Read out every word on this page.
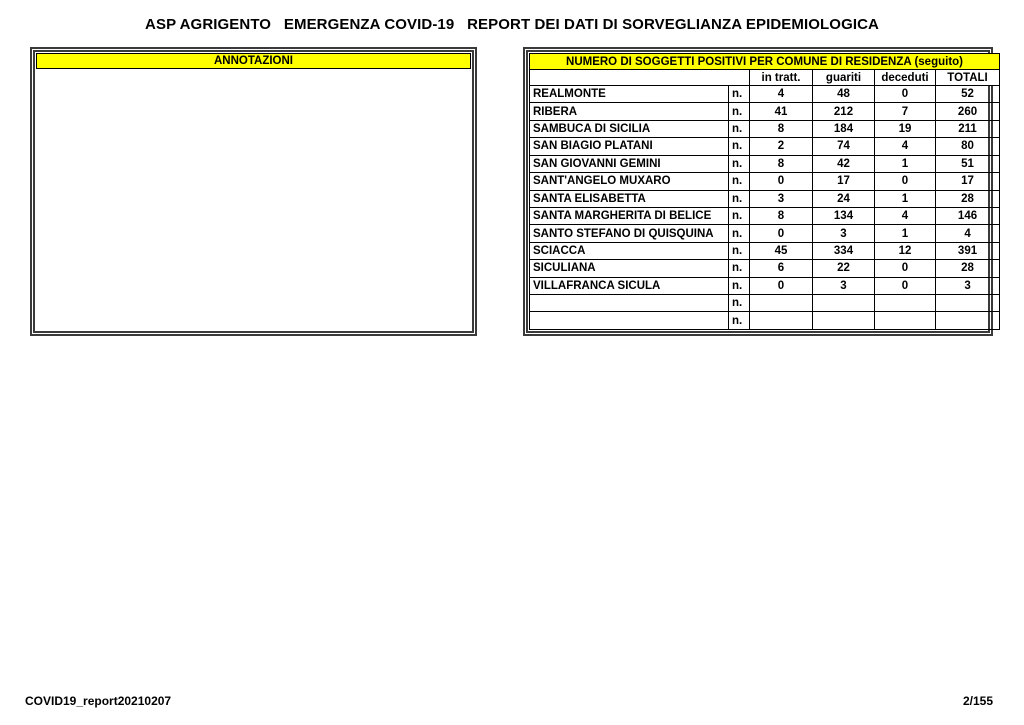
ASP AGRIGENTO   EMERGENZA COVID-19   REPORT DEI DATI DI SORVEGLIANZA EPIDEMIOLOGICA
ANNOTAZIONI	NUMERO DI SOGGETTI POSITIVI PER COMUNE DI RESIDENZA (seguito)					
		in tratt.	guariti	deceduti	TOTALI
REALMONTE	n.	4	48	0	52
RIBERA	n.	41	212	7	260
SAMBUCA DI SICILIA	n.	8	184	19	211
SAN BIAGIO PLATANI	n.	2	74	4	80
SAN GIOVANNI GEMINI	n.	8	42	1	51
SANT'ANGELO MUXARO	n.	0	17	0	17
SANTA ELISABETTA	n.	3	24	1	28
SANTA MARGHERITA DI BELICE	n.	8	134	4	146
SANTO STEFANO DI QUISQUINA	n.	0	3	1	4
SCIACCA	n.	45	334	12	391
SICULIANA	n.	6	22	0	28
VILLAFRANCA SICULA	n.	0	3	0	3
	n.				
	n.				
COVID19_report20210207	2/155
